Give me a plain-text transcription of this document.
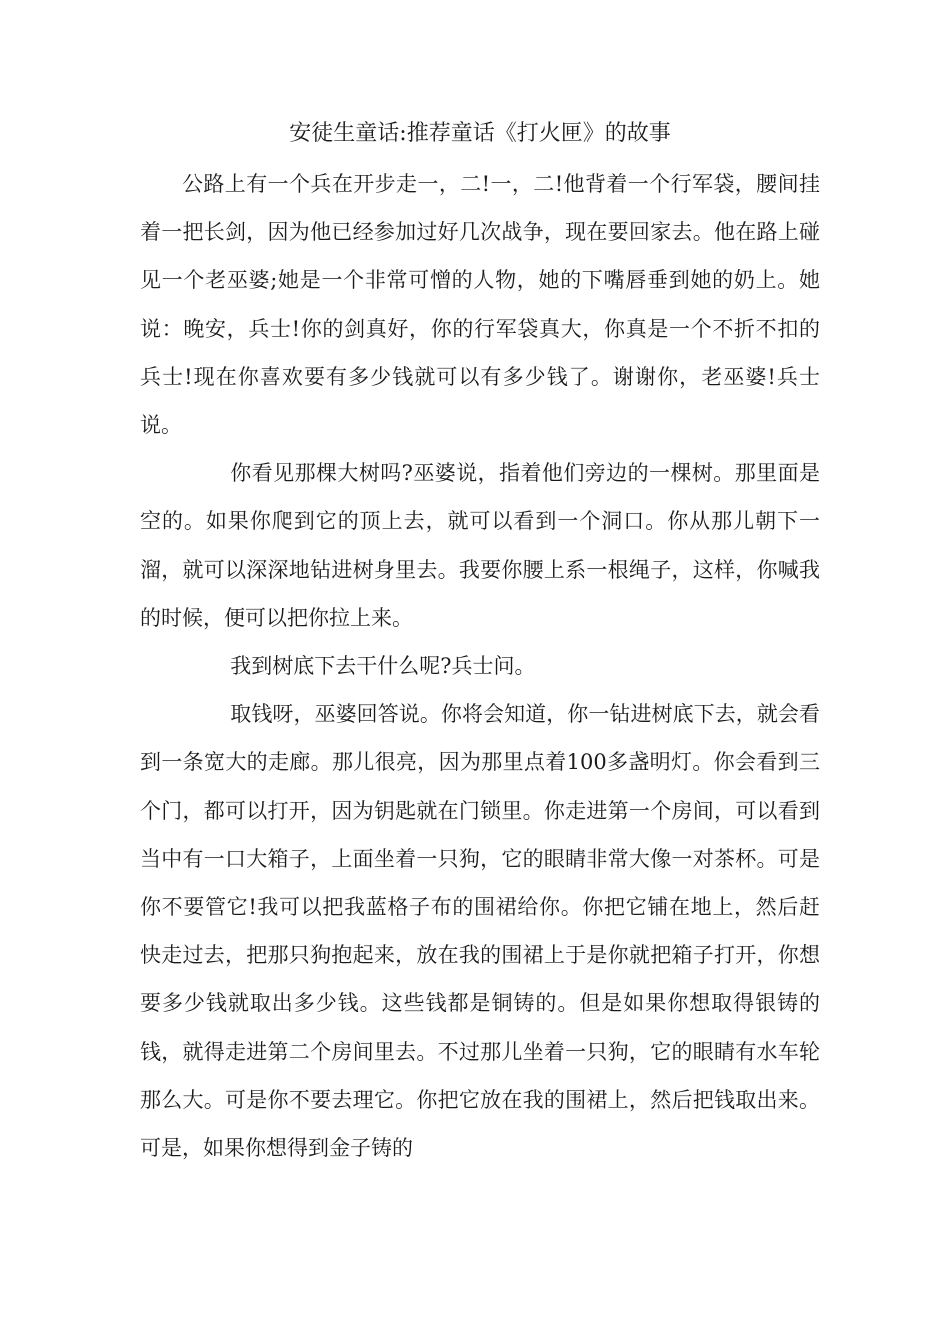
安徒生童话:推荐童话《打火匣》的故事

公路上有一个兵在开步走一，二!一，二!他背着一个行军袋，腰间挂着一把长剑，因为他已经参加过好几次战争，现在要回家去。他在路上碰见一个老巫婆;她是一个非常可憎的人物，她的下嘴唇垂到她的奶上。她说：晚安，兵士!你的剑真好，你的行军袋真大，你真是一个不折不扣的兵士!现在你喜欢要有多少钱就可以有多少钱了。谢谢你，老巫婆!兵士说。

你看见那棵大树吗?巫婆说，指着他们旁边的一棵树。那里面是空的。如果你爬到它的顶上去，就可以看到一个洞口。你从那儿朝下一溜，就可以深深地钻进树身里去。我要你腰上系一根绳子，这样，你喊我的时候，便可以把你拉上来。

我到树底下去干什么呢?兵士问。

取钱呀，巫婆回答说。你将会知道，你一钻进树底下去，就会看到一条宽大的走廊。那儿很亮，因为那里点着100多盏明灯。你会看到三个门，都可以打开，因为钥匙就在门锁里。你走进第一个房间，可以看到当中有一口大箱子，上面坐着一只狗，它的眼睛非常大像一对茶杯。可是你不要管它!我可以把我蓝格子布的围裙给你。你把它铺在地上，然后赶快走过去，把那只狗抱起来，放在我的围裙上于是你就把箱子打开，你想要多少钱就取出多少钱。这些钱都是铜铸的。但是如果你想取得银铸的钱，就得走进第二个房间里去。不过那儿坐着一只狗，它的眼睛有水车轮那么大。可是你不要去理它。你把它放在我的围裙上，然后把钱取出来。可是，如果你想得到金子铸的
